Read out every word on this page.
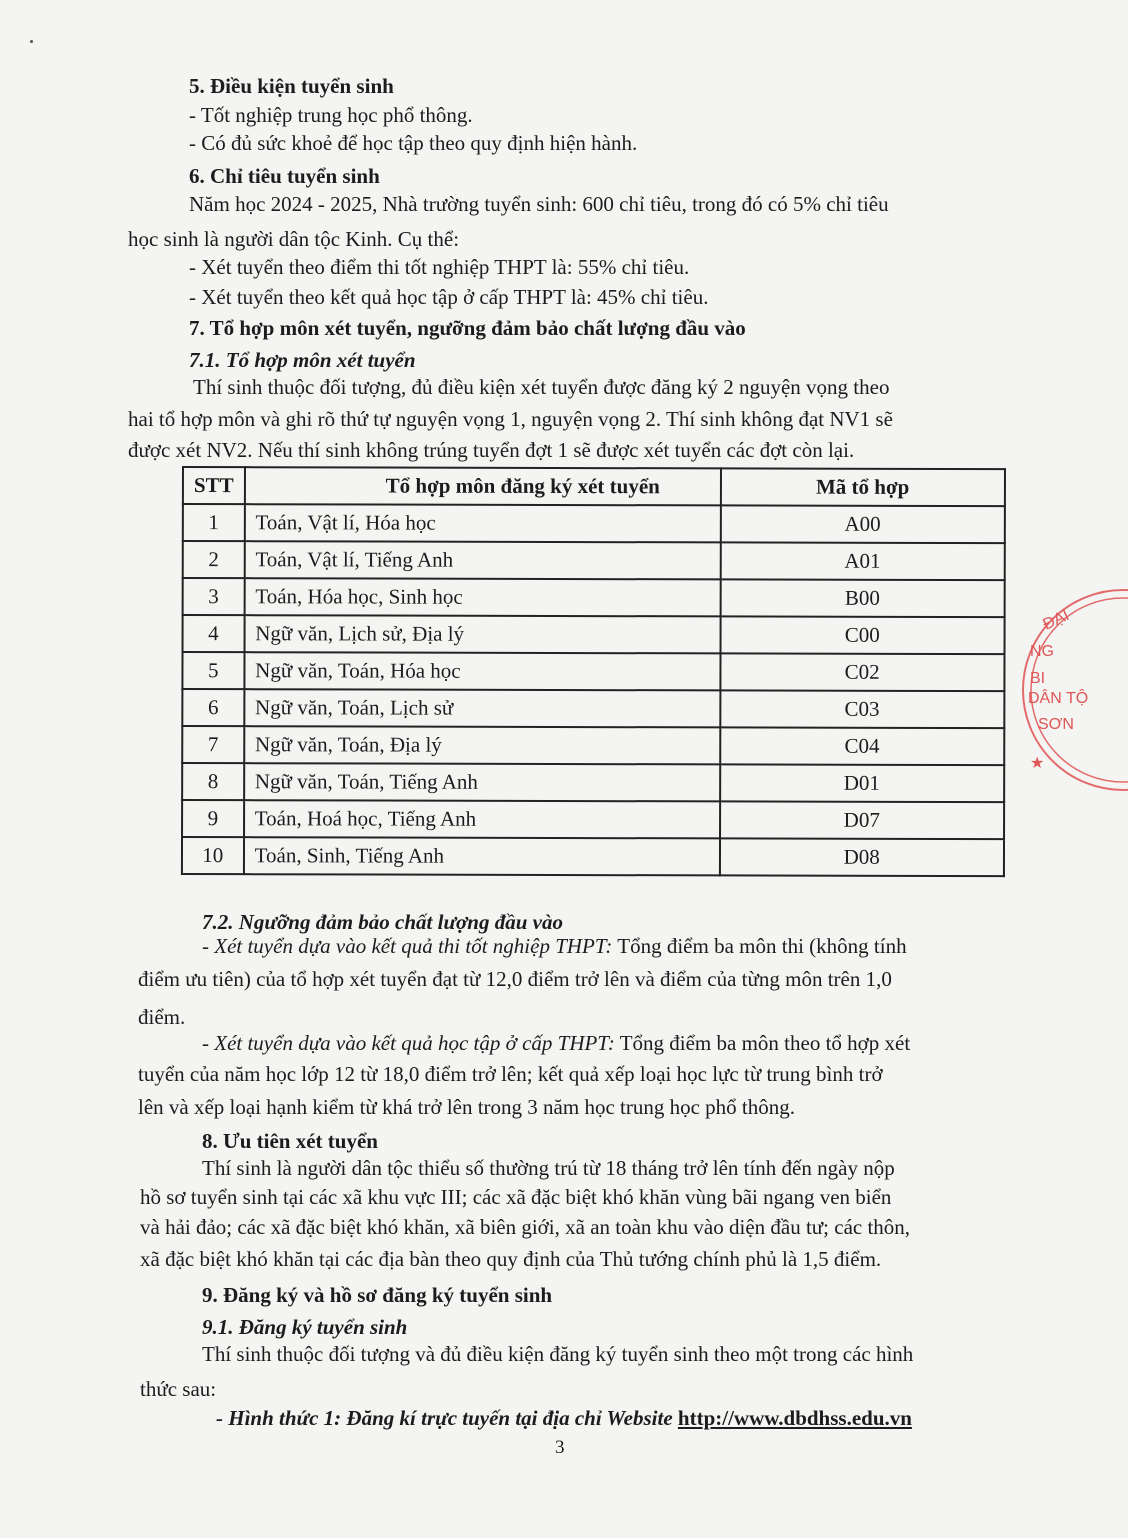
5. Điều kiện tuyển sinh
- Tốt nghiệp trung học phổ thông.
- Có đủ sức khoẻ để học tập theo quy định hiện hành.
6. Chỉ tiêu tuyển sinh
Năm học 2024 - 2025, Nhà trường tuyển sinh: 600 chỉ tiêu, trong đó có 5% chỉ tiêu
học sinh là người dân tộc Kinh. Cụ thể:
- Xét tuyển theo điểm thi tốt nghiệp THPT là: 55% chỉ tiêu.
- Xét tuyển theo kết quả học tập ở cấp THPT là: 45% chỉ tiêu.
7. Tổ hợp môn xét tuyển, ngưỡng đảm bảo chất lượng đầu vào
7.1. Tổ hợp môn xét tuyển
Thí sinh thuộc đối tượng, đủ điều kiện xét tuyển được đăng ký 2 nguyện vọng theo
hai tổ hợp môn và ghi rõ thứ tự nguyện vọng 1, nguyện vọng 2. Thí sinh không đạt NV1 sẽ
được xét NV2. Nếu thí sinh không trúng tuyển đợt 1 sẽ được xét tuyển các đợt còn lại.
STT	Tổ hợp môn đăng ký xét tuyển	Mã tổ hợp
1	Toán, Vật lí, Hóa học	A00
2	Toán, Vật lí, Tiếng Anh	A01
3	Toán, Hóa học, Sinh học	B00
4	Ngữ văn, Lịch sử, Địa lý	C00
5	Ngữ văn, Toán, Hóa học	C02
6	Ngữ văn, Toán, Lịch sử	C03
7	Ngữ văn, Toán, Địa lý	C04
8	Ngữ văn, Toán, Tiếng Anh	D01
9	Toán, Hoá học, Tiếng Anh	D07
10	Toán, Sinh, Tiếng Anh	D08
7.2. Ngưỡng đảm bảo chất lượng đầu vào
- Xét tuyển dựa vào kết quả thi tốt nghiệp THPT: Tổng điểm ba môn thi (không tính
điểm ưu tiên) của tổ hợp xét tuyển đạt từ 12,0 điểm trở lên và điểm của từng môn trên 1,0
điểm.
- Xét tuyển dựa vào kết quả học tập ở cấp THPT: Tổng điểm ba môn theo tổ hợp xét
tuyển của năm học lớp 12 từ 18,0 điểm trở lên; kết quả xếp loại học lực từ trung bình trở
lên và xếp loại hạnh kiểm từ khá trở lên trong 3 năm học trung học phổ thông.
8. Ưu tiên xét tuyển
Thí sinh là người dân tộc thiểu số thường trú từ 18 tháng trở lên tính đến ngày nộp
hồ sơ tuyển sinh tại các xã khu vực III; các xã đặc biệt khó khăn vùng bãi ngang ven biển
và hải đảo; các xã đặc biệt khó khăn, xã biên giới, xã an toàn khu vào diện đầu tư; các thôn,
xã đặc biệt khó khăn tại các địa bàn theo quy định của Thủ tướng chính phủ là 1,5 điểm.
9. Đăng ký và hồ sơ đăng ký tuyển sinh
9.1. Đăng ký tuyển sinh
Thí sinh thuộc đối tượng và đủ điều kiện đăng ký tuyển sinh theo một trong các hình
thức sau:
- Hình thức 1: Đăng kí trực tuyến tại địa chỉ Website http://www.dbdhss.edu.vn
ĐẠI
NG
BI
DÂN TỘ
SƠN
★
3
